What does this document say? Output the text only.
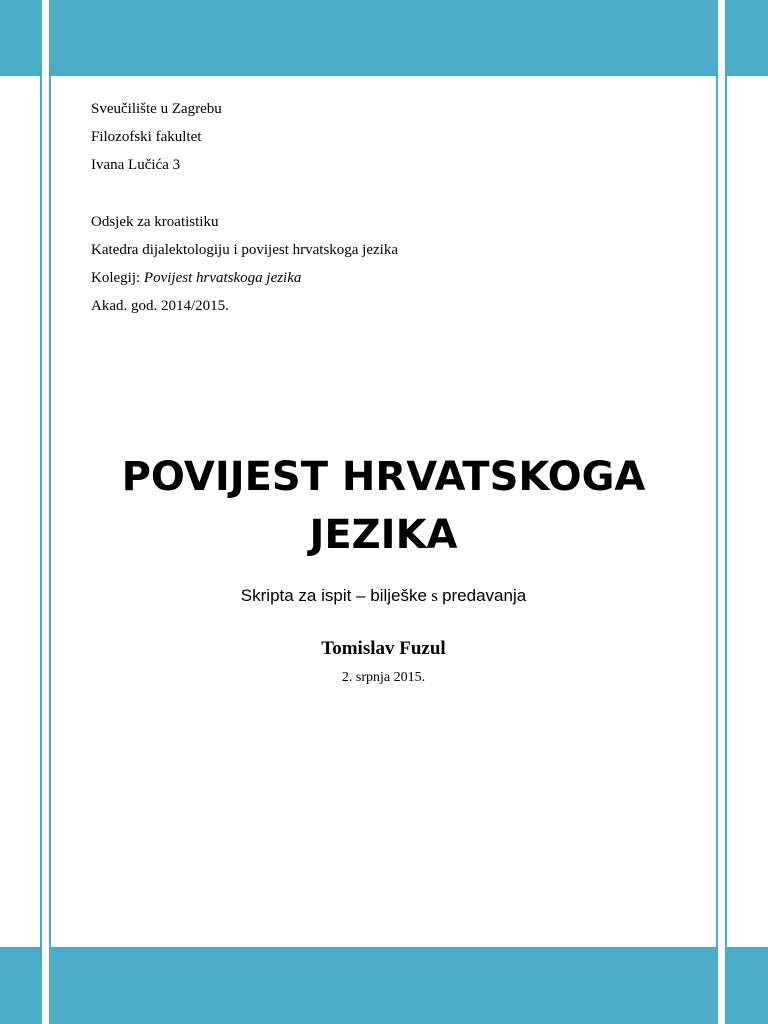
Sveučilište u Zagrebu
Filozofski fakultet
Ivana Lučića 3
Odsjek za kroatistiku
Katedra dijalektologiju i povijest hrvatskoga jezika
Kolegij: Povijest hrvatskoga jezika
Akad. god. 2014/2015.
POVIJEST HRVATSKOGA
JEZIKA
Skripta za ispit – bilješke s predavanja
Tomislav Fuzul
2. srpnja 2015.
